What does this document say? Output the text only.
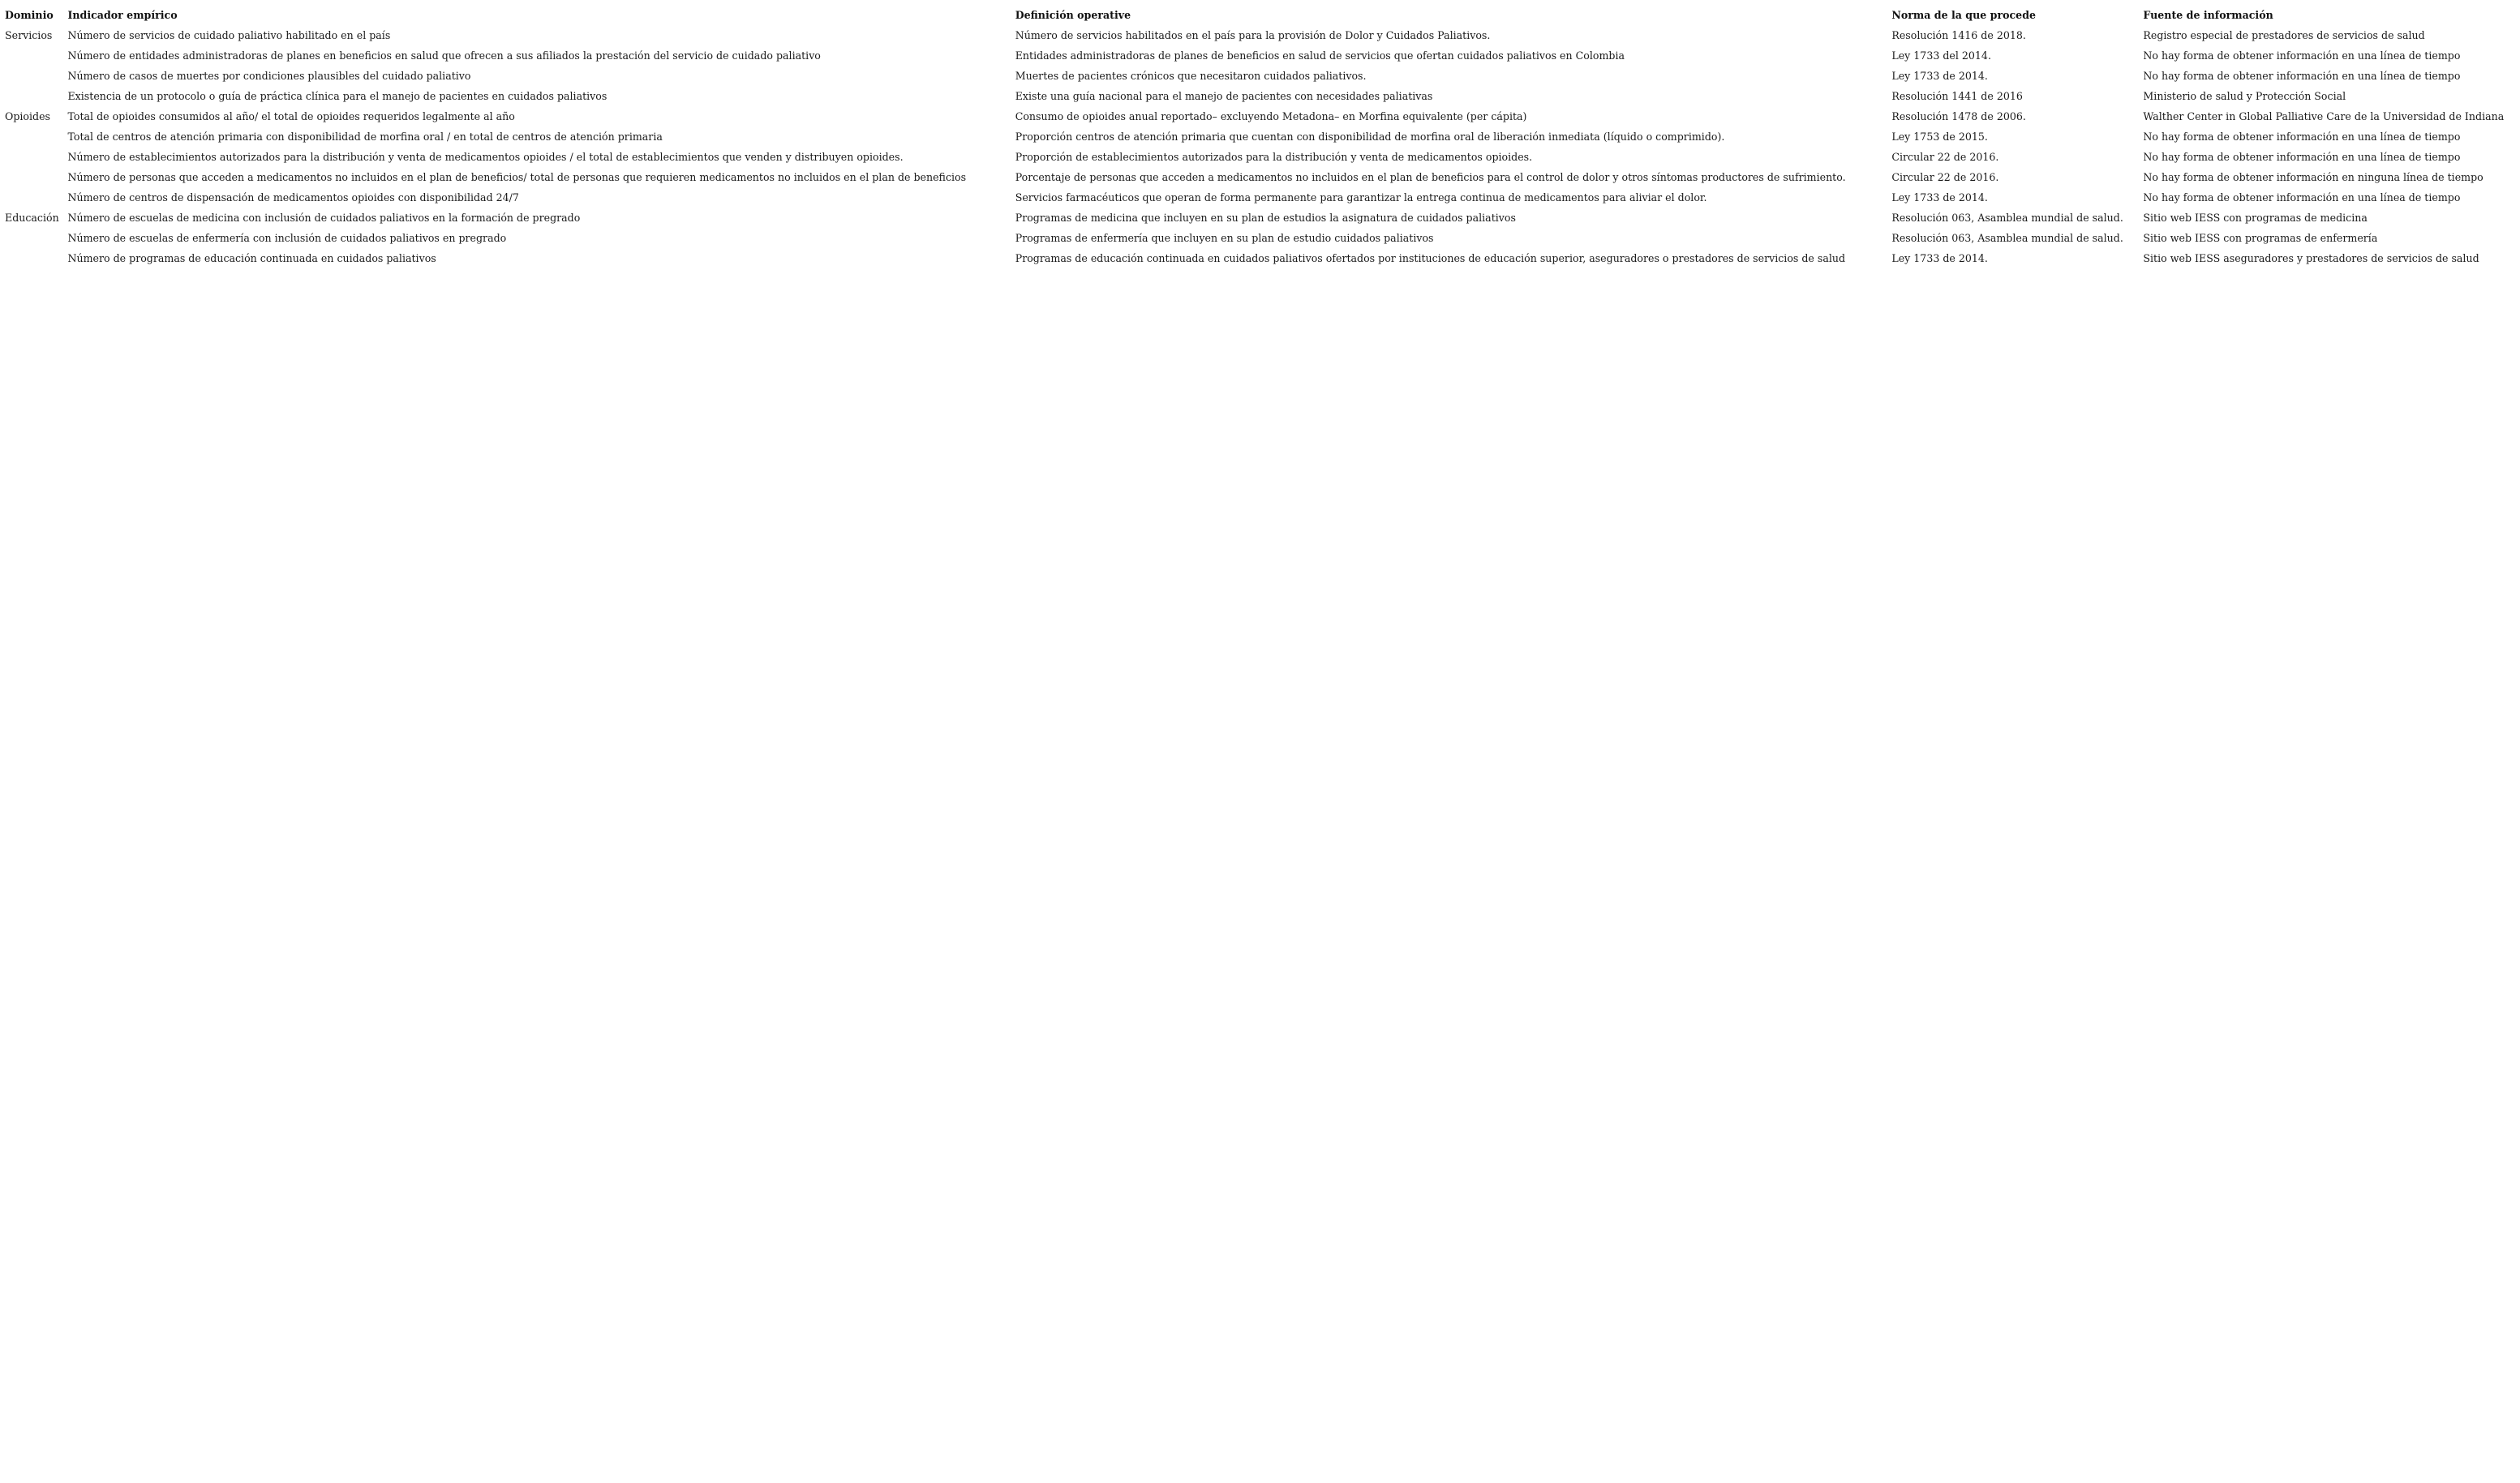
Dominio	Indicador empírico	Definición operative	Norma de la que procede	Fuente de información
Servicios	Número de servicios de cuidado paliativo habilitado en el país	Número de servicios habilitados en el país para la provisión de Dolor y Cuidados Paliativos.	Resolución 1416 de 2018.	Registro especial de prestadores de servicios de salud
	Número de entidades administradoras de planes en beneficios en salud que ofrecen a sus afiliados la prestación del servicio de cuidado paliativo	Entidades administradoras de planes de beneficios en salud de servicios que ofertan cuidados paliativos en Colombia	Ley 1733 del 2014.	No hay forma de obtener información en una línea de tiempo
	Número de casos de muertes por condiciones plausibles del cuidado paliativo	Muertes de pacientes crónicos que necesitaron cuidados paliativos.	Ley 1733 de 2014.	No hay forma de obtener información en una línea de tiempo
	Existencia de un protocolo o guía de práctica clínica para el manejo de pacientes en cuidados paliativos	Existe una guía nacional para el manejo de pacientes con necesidades paliativas	Resolución 1441 de 2016	Ministerio de salud y Protección Social
Opioides	Total de opioides consumidos al año/ el total de opioides requeridos legalmente al año	Consumo de opioides anual reportado– excluyendo Metadona– en Morfina equivalente (per cápita)	Resolución 1478 de 2006.	Walther Center in Global Palliative Care de la Universidad de Indiana
	Total de centros de atención primaria con disponibilidad de morfina oral / en total de centros de atención primaria	Proporción centros de atención primaria que cuentan con disponibilidad de morfina oral de liberación inmediata (líquido o comprimido).	Ley 1753 de 2015.	No hay forma de obtener información en una línea de tiempo
	Número de establecimientos autorizados para la distribución y venta de medicamentos opioides / el total de establecimientos que venden y distribuyen opioides.	Proporción de establecimientos autorizados para la distribución y venta de medicamentos opioides.	Circular 22 de 2016.	No hay forma de obtener información en una línea de tiempo
	Número de personas que acceden a medicamentos no incluidos en el plan de beneficios/ total de personas que requieren medicamentos no incluidos en el plan de beneficios	Porcentaje de personas que acceden a medicamentos no incluidos en el plan de beneficios para el control de dolor y otros síntomas productores de sufrimiento.	Circular 22 de 2016.	No hay forma de obtener información en ninguna línea de tiempo
	Número de centros de dispensación de medicamentos opioides con disponibilidad 24/7	Servicios farmacéuticos que operan de forma permanente para garantizar la entrega continua de medicamentos para aliviar el dolor.	Ley 1733 de 2014.	No hay forma de obtener información en una línea de tiempo
Educación	Número de escuelas de medicina con inclusión de cuidados paliativos en la formación de pregrado	Programas de medicina que incluyen en su plan de estudios la asignatura de cuidados paliativos	Resolución 063, Asamblea mundial de salud.	Sitio web IESS con programas de medicina
	Número de escuelas de enfermería con inclusión de cuidados paliativos en pregrado	Programas de enfermería que incluyen en su plan de estudio cuidados paliativos	Resolución 063, Asamblea mundial de salud.	Sitio web IESS con programas de enfermería
	Número de programas de educación continuada en cuidados paliativos	Programas de educación continuada en cuidados paliativos ofertados por instituciones de educación superior, aseguradores o prestadores de servicios de salud	Ley 1733 de 2014.	Sitio web IESS aseguradores y prestadores de servicios de salud
